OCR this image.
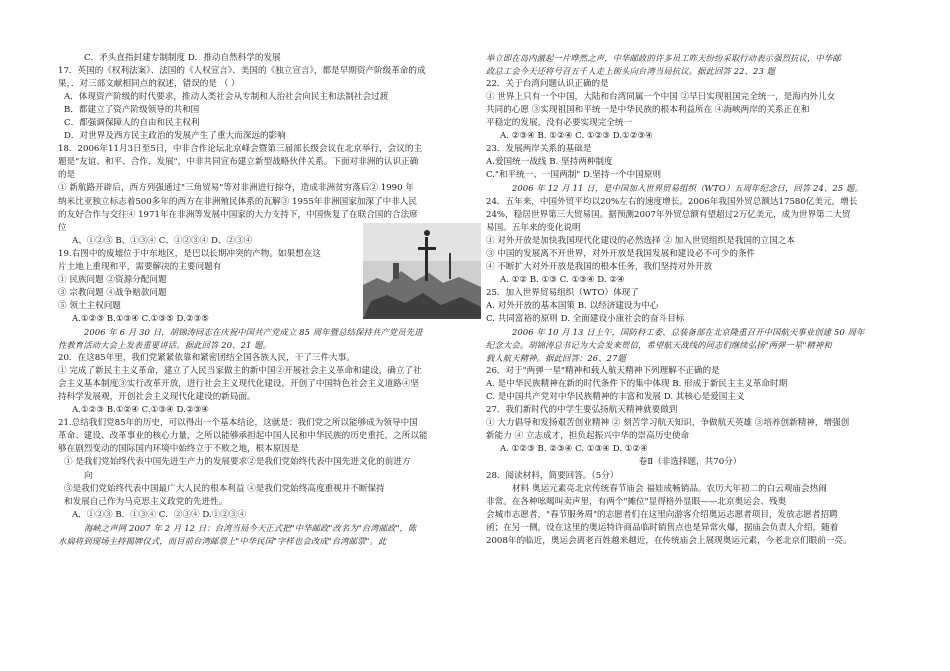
C．矛头直指封建专制制度 D．推动自然科学的发展
17．英国的《权利法案》、法国的《人权宣言》、美国的《独立宣言》，都是早期资产阶级革命的成
果，．对三部文献相同点的叙述，错误的是 （ ）
A．体现资产阶级的时代要求，推动人类社会从专制和人治社会向民主和法制社会过渡
B．都建立了资产阶级领导的共和国
C．都强调保障人的自由和民主权利
D．对世界及西方民主政治的发展产生了重大而深远的影响
18．2006年11月3日至5日，中非合作论坛北京峰会暨第三届部长级会议在北京举行，会议的主
题是"友谊、和平、合作、发展"，中非共同宣布建立新型战略伙伴关系。下面对非洲的认识正确
的是
① 新航路开辟后，西方列强通过"三角贸易"等对非洲进行掠夺，造成非洲贫穷落后② 1990 年
纳米比亚独立标志着500多年的西方在非洲殖民体系的瓦解③ 1955年非洲国家加深了中非人民
的友好合作与交往④ 1971年在非洲等发展中国家的大力支持下，中国恢复了在联合国的合法席
位
A、①②③ B、①③④ C、①②③④ D、②③④
19.右图中的废墟位于中东地区，是巴以长期冲突的产物。如果想在这
片土地上重现和平，需要解决的主要问题有
① 民族问题 ②资源分配问题
③ 宗教问题 ④战争赔款问题
⑤ 领土主权问题
A.①②③ B.①③④ C.①③⑤ D.②③⑤
2006 年 6 月 30 日，胡锦涛同志在庆祝中国共产党成立 85 周年暨总结保持共产党员先进
性教育活动大会上发表重要讲话。据此回答 20、21 题。
20．在这85年里，我们党紧紧依靠和紧密团结全国各族人民，干了三件大事。
① 完成了新民主主义革命，建立了人民当家做主的新中国②开展社会主义革命和建设，确立了社
会主义基本制度③实行改革开放，进行社会主义现代化建设，开创了中国特色社会主义道路④坚
持科学发展观，开创社会主义现代化建设的新局面。
A.①②③ B.①②④ C.①③④ D.②③④
21.总结我们党85年的历史，可以得出一个基本结论，这就是：我们党之所以能够成为领导中国
革命、建设、改革事业的核心力量，之所以能够承担起中国人民和中华民族的历史重托，之所以能
够在剧烈变动的国际国内环境中始终立于不败之地，根本原因是
① 是我们党始终代表中国先进生产力的发展要求②是我们党始终代表中国先进文化的前进方
向
③是我们党始终代表中国最广大人民的根本利益 ④是我们党始终高度重视并不断保持
和发展自己作为马克思主义政党的先进性。
A．①②③ B．①③④ C．②③④ D.①②③④
海峡之声网 2007 年 2 月 12 日：台湾当局今天正式把"中华邮政"改名为"台湾邮政"，陈
水扁将到现场主持揭牌仪式，而目前台湾邮票上"中华民国"字样也会改成"台湾邮票"。此
举立即在岛内激起一片哗然之声，中华邮政的许多员工昨天纷纷采取行动表示强烈抗议，中华邮
政总工会今天还将号召五千人走上街头向台湾当局抗议。据此回答 22、23 题
22．关于台湾问题认识正确的是
① 世界上只有一个中国，大陆和台湾同属一个中国 ②早日实现祖国完全统一，是海内外儿女
共同的心愿 ③实现祖国和平统一是中华民族的根本利益所在 ④海峡两岸的关系正在和
平稳定的发展，没有必要实现完全统一
A. ②③④ B. ①②④ C. ①②③ D.①②③④
23．发展两岸关系的基础是
A.爱国统一战线 B. 坚持两种制度
C."和平统一、一国两制" D.坚持一个中国原则
2006 年 12 月 11 日，是中国加入世界贸易组织（WTO）五周年纪念日，回答 24、25 题。
24．五年来，中国外贸平均以20%左右的速度增长。2006年我国外贸总额达17580亿美元，增长
24%，稳居世界第三大贸易国。据预测2007年外贸总额有望超过2万亿美元，成为世界第二大贸
易国。五年来的变化说明
① 对外开放是加快我国现代化建设的必然选择 ② 加入世贸组织是我国的立国之本
③ 中国的发展离不开世界，对外开放是我国发展和建设必不可少的条件
④ 不断扩大对外开放是我国的根本任务，我们坚持对外开放
A. ①② B. ①③ C. ①③④ D. ②④
25．加入世界贸易组织（WTO）体现了
A. 对外开放的基本国策 B. 以经济建设为中心
C. 共同富裕的原则 D. 全面建设小康社会的奋斗目标
2006 年 10 月 13 日上午，国防科工委、总装备部在北京隆重召开中国航天事业创建 50 周年
纪念大会。胡锦涛总书记为大会发来贺信，希望航天战线的同志们继续弘扬"两弹一星"精神和
载人航天精神。据此回答：26、27题
26．对于"两弹一星"精神和载人航天精神下列理解不正确的是
A. 是中华民族精神在新的时代条件下的集中体现 B. 形成于新民主主义革命时期
C. 是中国共产党对中华民族精神的丰富和发展 D. 其核心是爱国主义
27．我们新时代的中学生要弘扬航天精神就要做到
① 大力倡导和发扬艰苦创业精神 ② 刻苦学习航天知识，争做航天英雄 ③培养创新精神，增强创
新能力 ④ 立志成才，担负起振兴中华的崇高历史使命
A. ①②③ B. ②③④ C. ①③④ D. ①②④
卷Ⅱ（非选择题，共70分）
28．阅读材料，简要回答。（5分）
材料 奥运元素亮北京传统春节庙会 福娃成畅销品。农历大年初二的白云观庙会热闹
非常。在各种吆喝叫卖声里，有两个"摊位"显得格外显眼——北京奥运会、残奥
会城市志愿者，"春节服务周"的志愿者们在这里向游客介绍奥运志愿者项目，发放志愿者招聘
函；在另一侧，设在这里的奥运特许商品临时销售点也是异常火爆，据庙会负责人介绍，随着
2008年的临近，奥运会离老百姓越来越近，在传统庙会上展现奥运元素，今老北京们眼前一亮。
